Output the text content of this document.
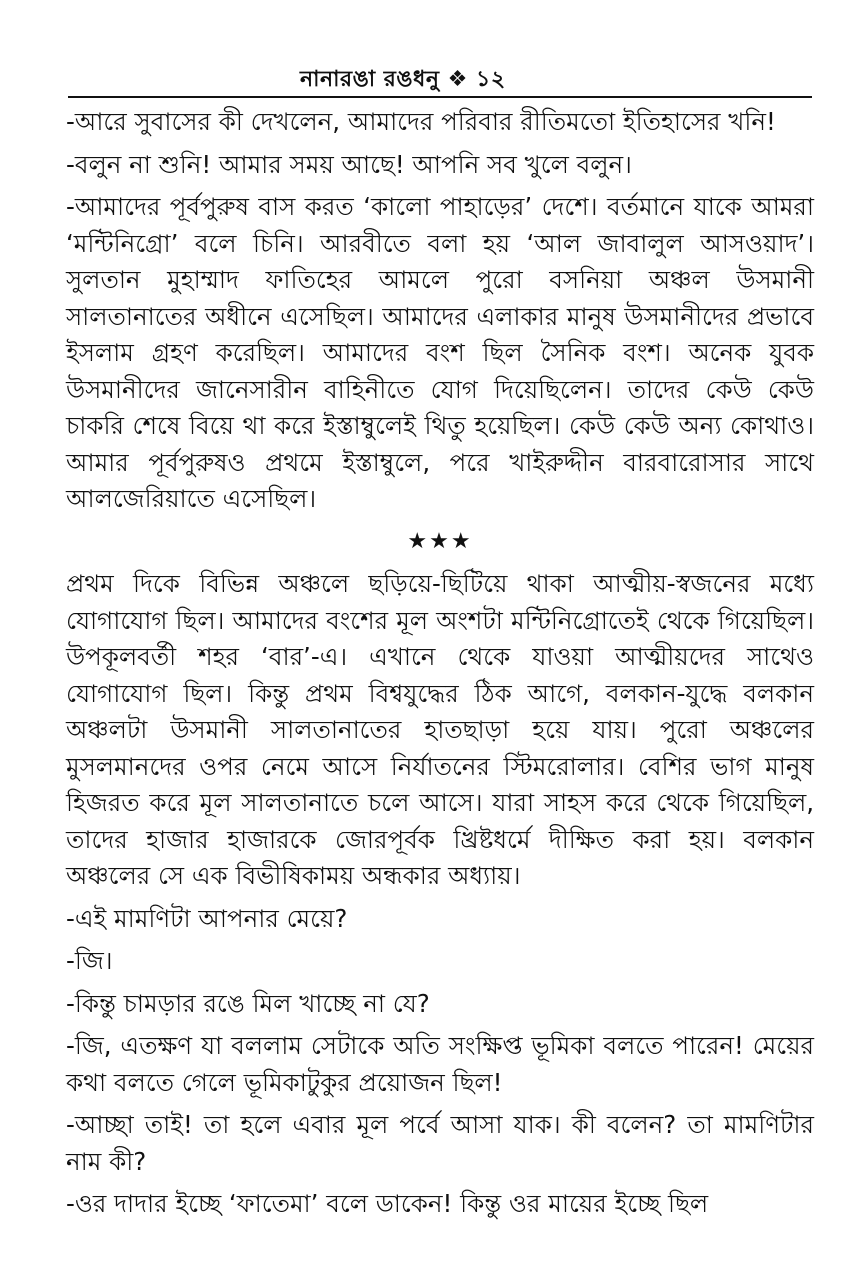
নানারঙা রঙধনু ❖ ১২

-আরে সুবাসের কী দেখলেন, আমাদের পরিবার রীতিমতো ইতিহাসের খনি!

-বলুন না শুনি! আমার সময় আছে! আপনি সব খুলে বলুন।

-আমাদের পূর্বপুরুষ বাস করত ‘কালো পাহাড়ের’ দেশে। বর্তমানে যাকে আমরা ‘মন্টিনিগ্রো’ বলে চিনি। আরবীতে বলা হয় ‘আল জাবালুল আসওয়াদ’। সুলতান মুহাম্মাদ ফাতিহের আমলে পুরো বসনিয়া অঞ্চল উসমানী সালতানাতের অধীনে এসেছিল। আমাদের এলাকার মানুষ উসমানীদের প্রভাবে ইসলাম গ্রহণ করেছিল। আমাদের বংশ ছিল সৈনিক বংশ। অনেক যুবক উসমানীদের জানেসারীন বাহিনীতে যোগ দিয়েছিলেন। তাদের কেউ কেউ চাকরি শেষে বিয়ে থা করে ইস্তাম্বুলেই থিতু হয়েছিল। কেউ কেউ অন্য কোথাও। আমার পূর্বপুরুষও প্রথমে ইস্তাম্বুলে, পরে খাইরুদ্দীন বারবারোসার সাথে আলজেরিয়াতে এসেছিল।

★★★

প্রথম দিকে বিভিন্ন অঞ্চলে ছড়িয়ে-ছিটিয়ে থাকা আত্মীয়-স্বজনের মধ্যে যোগাযোগ ছিল। আমাদের বংশের মূল অংশটা মন্টিনিগ্রোতেই থেকে গিয়েছিল। উপকূলবর্তী শহর ‘বার’-এ। এখানে থেকে যাওয়া আত্মীয়দের সাথেও যোগাযোগ ছিল। কিন্তু প্রথম বিশ্বযুদ্ধের ঠিক আগে, বলকান-যুদ্ধে বলকান অঞ্চলটা উসমানী সালতানাতের হাতছাড়া হয়ে যায়। পুরো অঞ্চলের মুসলমানদের ওপর নেমে আসে নির্যাতনের স্টিমরোলার। বেশির ভাগ মানুষ হিজরত করে মূল সালতানাতে চলে আসে। যারা সাহস করে থেকে গিয়েছিল, তাদের হাজার হাজারকে জোরপূর্বক খ্রিষ্টধর্মে দীক্ষিত করা হয়। বলকান অঞ্চলের সে এক বিভীষিকাময় অন্ধকার অধ্যায়।

-এই মামণিটা আপনার মেয়ে?

-জি।

-কিন্তু চামড়ার রঙে মিল খাচ্ছে না যে?

-জি, এতক্ষণ যা বললাম সেটাকে অতি সংক্ষিপ্ত ভূমিকা বলতে পারেন! মেয়ের কথা বলতে গেলে ভূমিকাটুকুর প্রয়োজন ছিল!

-আচ্ছা তাই! তা হলে এবার মূল পর্বে আসা যাক। কী বলেন? তা মামণিটার নাম কী?

-ওর দাদার ইচ্ছে ‘ফাতেমা’ বলে ডাকেন! কিন্তু ওর মায়ের ইচ্ছে ছিল
